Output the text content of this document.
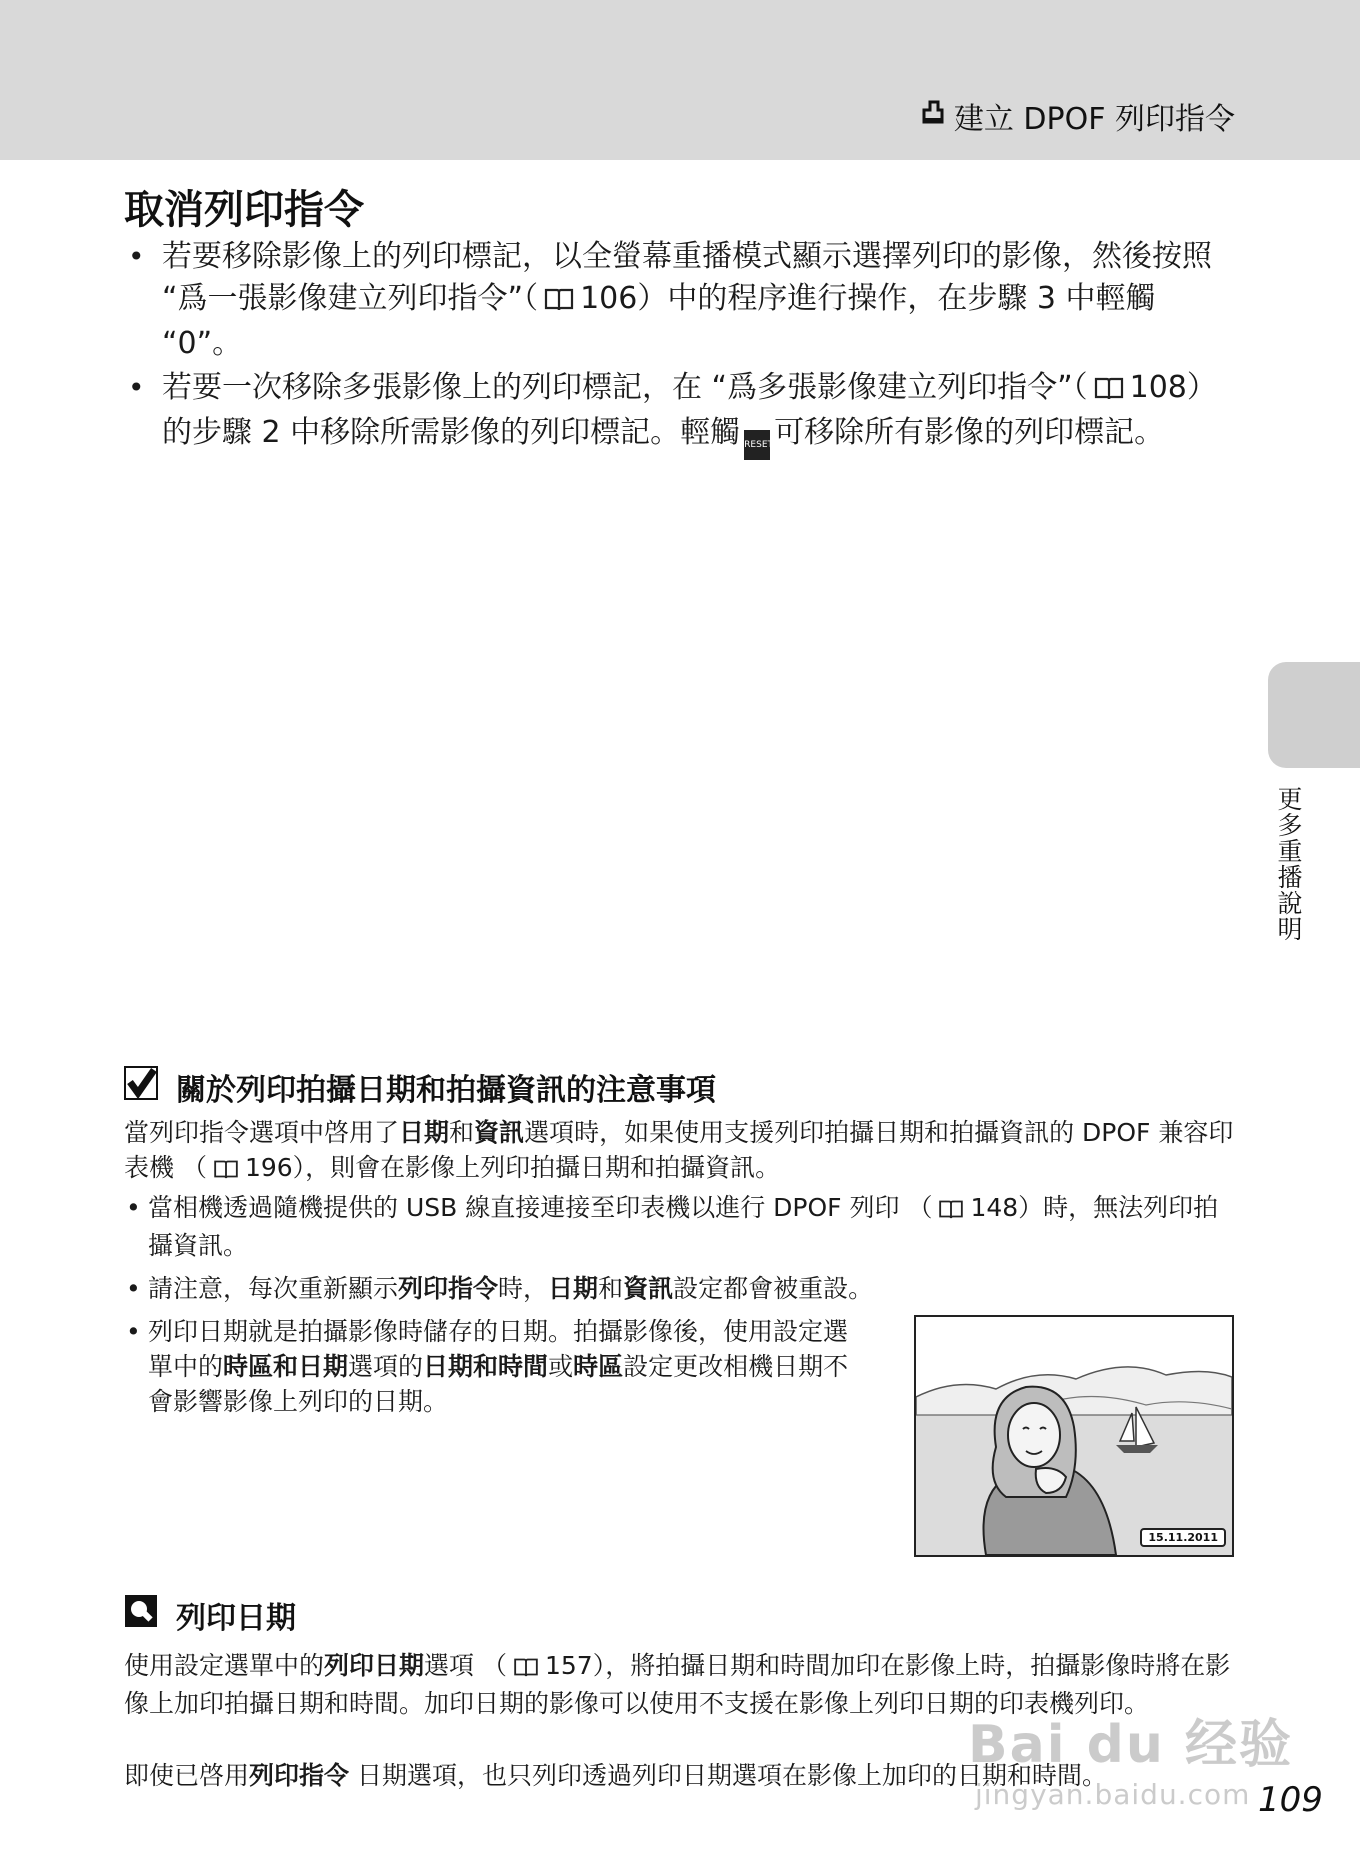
建立 DPOF 列印指令
更多重播說明
取消列印指令
• 若要移除影像上的列印標記，以全螢幕重播模式顯示選擇列印的影像，然後按照 “爲一張影像建立列印指令”（ 106）中的程序進行操作，在步驟 3 中輕觸 “0”。
• 若要一次移除多張影像上的列印標記，在 “爲多張影像建立列印指令”（ 108）的步驟 2 中移除所需影像的列印標記。輕觸 RESET可移除所有影像的列印標記。
關於列印拍攝日期和拍攝資訊的注意事項

當列印指令選項中啓用了日期和資訊選項時，如果使用支援列印拍攝日期和拍攝資訊的 DPOF 兼容印表機 （ 196），則會在影像上列印拍攝日期和拍攝資訊。

• 當相機透過隨機提供的 USB 線直接連接至印表機以進行 DPOF 列印 （ 148）時，無法列印拍攝資訊。
• 請注意，每次重新顯示列印指令時，日期和資訊設定都會被重設。
• 列印日期就是拍攝影像時儲存的日期。拍攝影像後，使用設定選單中的時區和日期選項的日期和時間或時區設定更改相機日期不會影響影像上列印的日期。
15.11.2011
列印日期

使用設定選單中的列印日期選項 （ 157），將拍攝日期和時間加印在影像上時，拍攝影像時將在影像上加印拍攝日期和時間。加印日期的影像可以使用不支援在影像上列印日期的印表機列印。

即使已啓用列印指令 日期選項，也只列印透過列印日期選項在影像上加印的日期和時間。

Bai du 经验
jingyan.baidu.com 109
